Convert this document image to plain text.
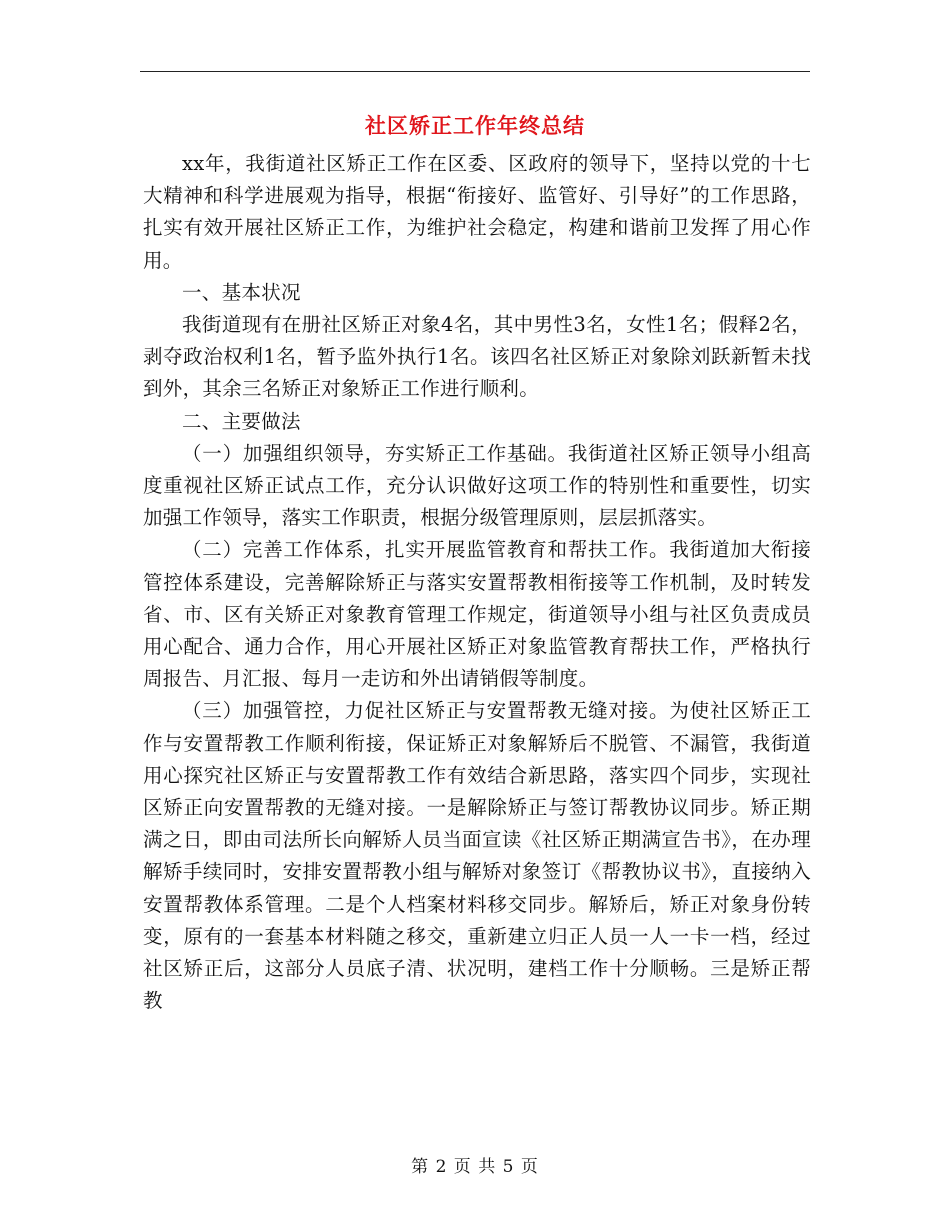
社区矫正工作年终总结

xx年，我街道社区矫正工作在区委、区政府的领导下，坚持以党的十七大精神和科学进展观为指导，根据“衔接好、监管好、引导好”的工作思路，扎实有效开展社区矫正工作，为维护社会稳定，构建和谐前卫发挥了用心作用。

一、基本状况

我街道现有在册社区矫正对象4名，其中男性3名，女性1名；假释2名，剥夺政治权利1名，暂予监外执行1名。该四名社区矫正对象除刘跃新暂未找到外，其余三名矫正对象矫正工作进行顺利。

二、主要做法

（一）加强组织领导，夯实矫正工作基础。我街道社区矫正领导小组高度重视社区矫正试点工作，充分认识做好这项工作的特别性和重要性，切实加强工作领导，落实工作职责，根据分级管理原则，层层抓落实。

（二）完善工作体系，扎实开展监管教育和帮扶工作。我街道加大衔接管控体系建设，完善解除矫正与落实安置帮教相衔接等工作机制，及时转发省、市、区有关矫正对象教育管理工作规定，街道领导小组与社区负责成员用心配合、通力合作，用心开展社区矫正对象监管教育帮扶工作，严格执行周报告、月汇报、每月一走访和外出请销假等制度。

（三）加强管控，力促社区矫正与安置帮教无缝对接。为使社区矫正工作与安置帮教工作顺利衔接，保证矫正对象解矫后不脱管、不漏管，我街道用心探究社区矫正与安置帮教工作有效结合新思路，落实四个同步，实现社区矫正向安置帮教的无缝对接。一是解除矫正与签订帮教协议同步。矫正期满之日，即由司法所长向解矫人员当面宣读《社区矫正期满宣告书》，在办理解矫手续同时，安排安置帮教小组与解矫对象签订《帮教协议书》，直接纳入安置帮教体系管理。二是个人档案材料移交同步。解矫后，矫正对象身份转变，原有的一套基本材料随之移交，重新建立归正人员一人一卡一档，经过社区矫正后，这部分人员底子清、状况明，建档工作十分顺畅。三是矫正帮教

第 2 页 共 5 页
